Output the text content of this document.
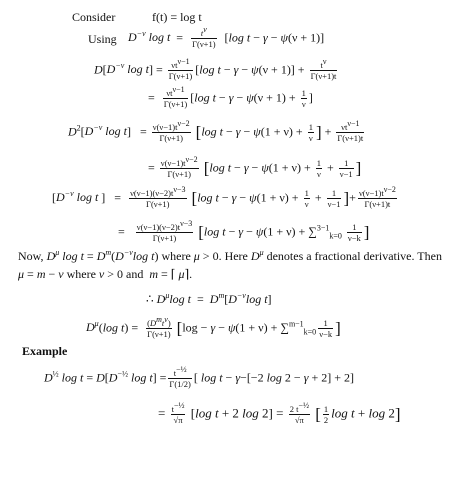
Consider	f(t) = log t
Using $D^{-\nu}$ $\log t = \frac{t^\nu}{\Gamma(\nu+1)} [\log$ t − γ − ψ(ν + 1)]
$D[D^{-\nu}$ $\log t] = \frac{\nu t^{\nu-1}}{\Gamma(\nu+1)} [\log$ $t - \gamma - \psi(\nu + 1)] + \frac{t^\nu}{\Gamma(\nu+1)t}$
= $\frac{\nu t^{\nu-1}}{\Gamma(\nu+1)} [\log$ $t - \gamma - \psi(\nu + 1) + \frac{1}{\nu}$ ]
$D^2[D^{-\nu}$ $\log t] = \frac{\nu(\nu-1)t^{\nu-2}}{\Gamma(\nu+1)} [\log$ $t - \gamma - \psi(1 + \nu) + \frac{1}{\nu}$ ] + $\frac{\nu t^{\nu-1}}{\Gamma(\nu+1)t}$
= $\frac{\nu(\nu-1)t^{\nu-2}}{\Gamma(\nu+1)} [\log$ $t - \gamma - \psi(1 + \nu) + \frac{1}{\nu} + \frac{1}{\nu-1}$ ]
[$D^{-\nu}$ log t ]   = $\frac{\nu(\nu-1)(\nu-2)t^{\nu-3}}{\Gamma(\nu+1)} [\log$ $t - \gamma - \psi(1 + \nu) + \frac{1}{\nu} + \frac{1}{\nu-1}$ ]+ $\frac{\nu(\nu-1)t^{\nu-2}}{\Gamma(\nu+1)t}$
= $\frac{\nu(\nu-1)(\nu-2)t^{\nu-3}}{\Gamma(\nu+1)} [\log$ $t - \gamma - \psi(1 + \nu) + \sum^{3-1}_{k=0} \frac{1}{\nu-k}$ ]
Now, $D^\mu$ $\log t = D^m(D^{-\nu}\log$ t) where μ > 0. Here $D^\mu$ denotes a fractional derivative. Then
μ = m − ν where ν > 0 and  m = ⌈ μ⌉.
∴ $D^\mu\log$ $t = D^m[D^{-\nu}\log$ t]
$D^\mu(\log$ $t) = \frac{(D^mt^\nu)}{\Gamma(\nu+1)} [\log - \gamma - \psi(1 + \nu) + \sum^{m-1}_{k=0} \frac{1}{\nu-k}$ ]
Example
$D^{\frac{1}{2}}$ $\log t = D[D^{-\frac{1}{2}}$ $\log t] = \frac{t^{-\frac{1}{2}}}{\Gamma(1/2)}$ [ log t − γ−[−2 log 2 − γ + 2] + 2]
= $\frac{t^{-\frac{1}{2}}}{√\pi} [\log$ t + 2 $\log 2] = \frac{2 t^{-\frac{1}{2}}}{√\pi}$ [ $\frac{1}{2}$ log t + log 2]
